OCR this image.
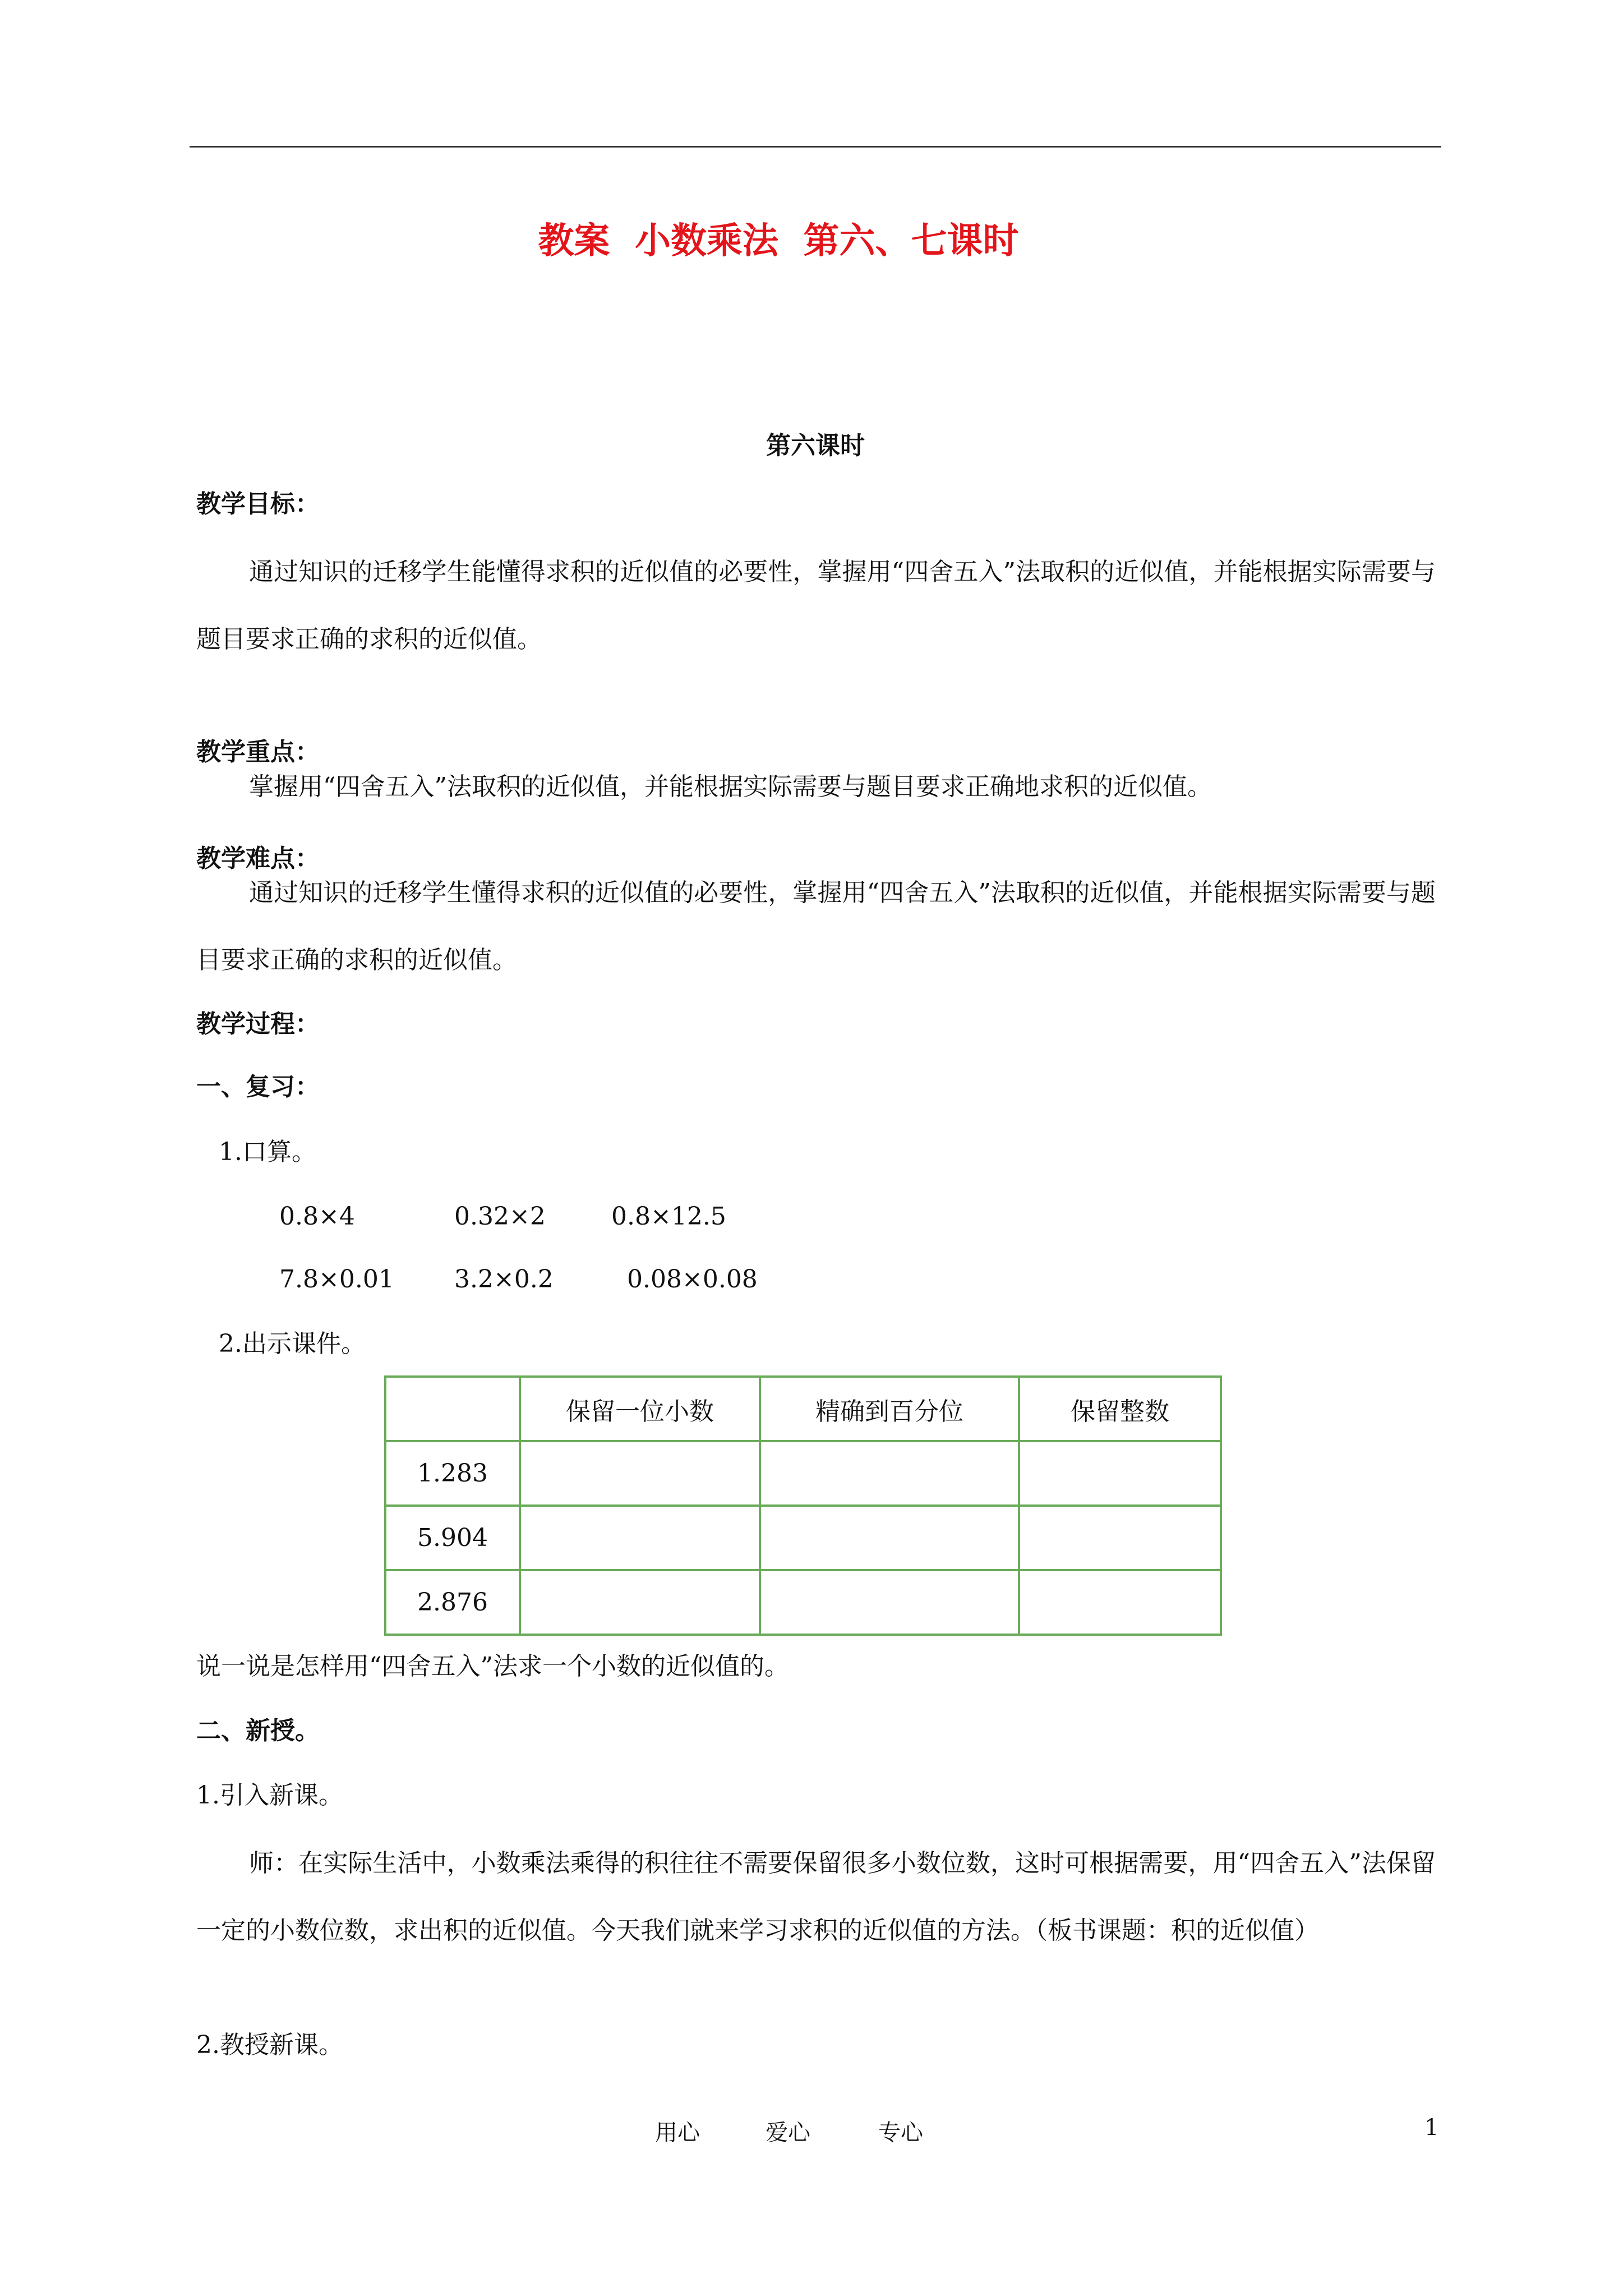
教案  小数乘法  第六、七课时
第六课时
教学目标：
通过知识的迁移学生能懂得求积的近似值的必要性，掌握用“四舍五入”法取积的近似值，并能根据实际需要与题目要求正确的求积的近似值。
教学重点：
掌握用“四舍五入”法取积的近似值，并能根据实际需要与题目要求正确地求积的近似值。
教学难点：
通过知识的迁移学生懂得求积的近似值的必要性，掌握用“四舍五入”法取积的近似值，并能根据实际需要与题目要求正确的求积的近似值。
教学过程：
一、复习：
1.口算。
0.8×4	0.32×2	0.8×12.5
7.8×0.01 3.2×0.2	0.08×0.08
2.出示课件。
	保留一位小数	精确到百分位	保留整数
1.283			
5.904			
2.876			
说一说是怎样用“四舍五入”法求一个小数的近似值的。
二、新授。
1.引入新课。
师：在实际生活中，小数乘法乘得的积往往不需要保留很多小数位数，这时可根据需要，用“四舍五入”法保留一定的小数位数，求出积的近似值。今天我们就来学习求积的近似值的方法。（板书课题：积的近似值）
2.教授新课。
用心	爱心	专心	1
